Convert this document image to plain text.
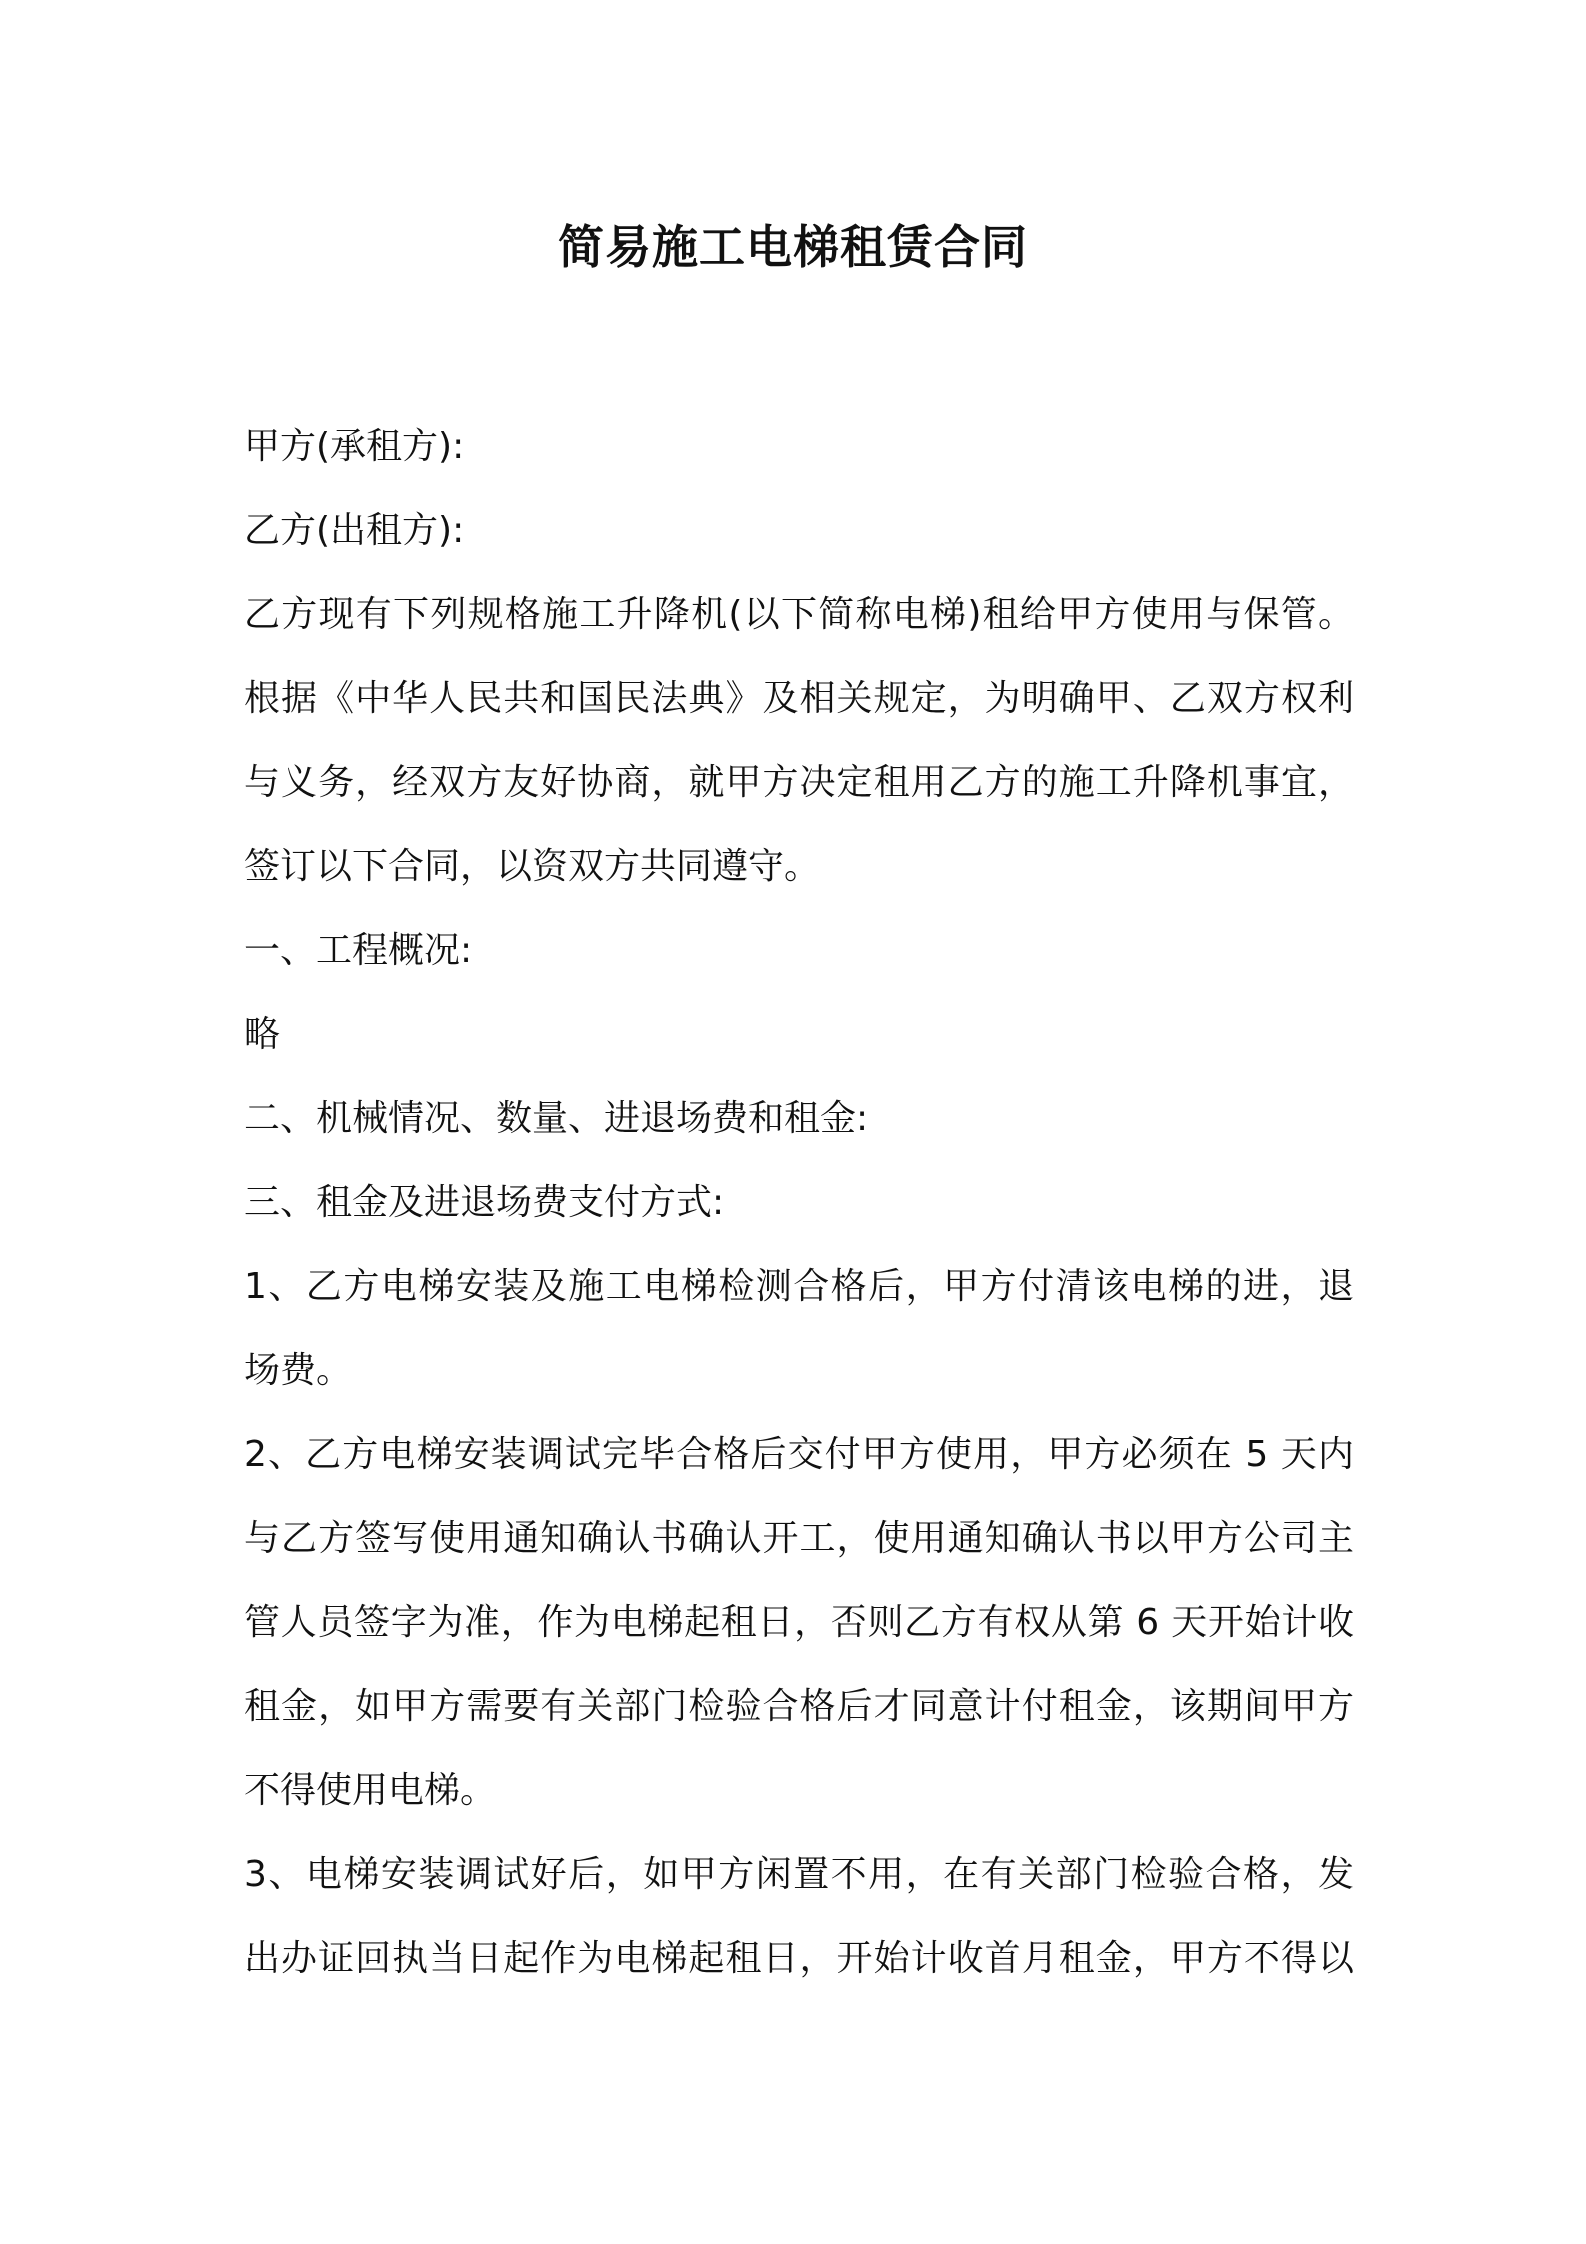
简易施工电梯租赁合同
甲方(承租方):
乙方(出租方):
乙方现有下列规格施工升降机(以下简称电梯)租给甲方使用与保管。
根据《中华人民共和国民法典》及相关规定，为明确甲、乙双方权利
与义务，经双方友好协商，就甲方决定租用乙方的施工升降机事宜，
签订以下合同，以资双方共同遵守。
一、工程概况:
略
二、机械情况、数量、进退场费和租金:
三、租金及进退场费支付方式:
1、乙方电梯安装及施工电梯检测合格后，甲方付清该电梯的进，退
场费。
2、乙方电梯安装调试完毕合格后交付甲方使用，甲方必须在 5 天内
与乙方签写使用通知确认书确认开工，使用通知确认书以甲方公司主
管人员签字为准，作为电梯起租日，否则乙方有权从第 6 天开始计收
租金，如甲方需要有关部门检验合格后才同意计付租金，该期间甲方
不得使用电梯。
3、电梯安装调试好后，如甲方闲置不用，在有关部门检验合格，发
出办证回执当日起作为电梯起租日，开始计收首月租金，甲方不得以
